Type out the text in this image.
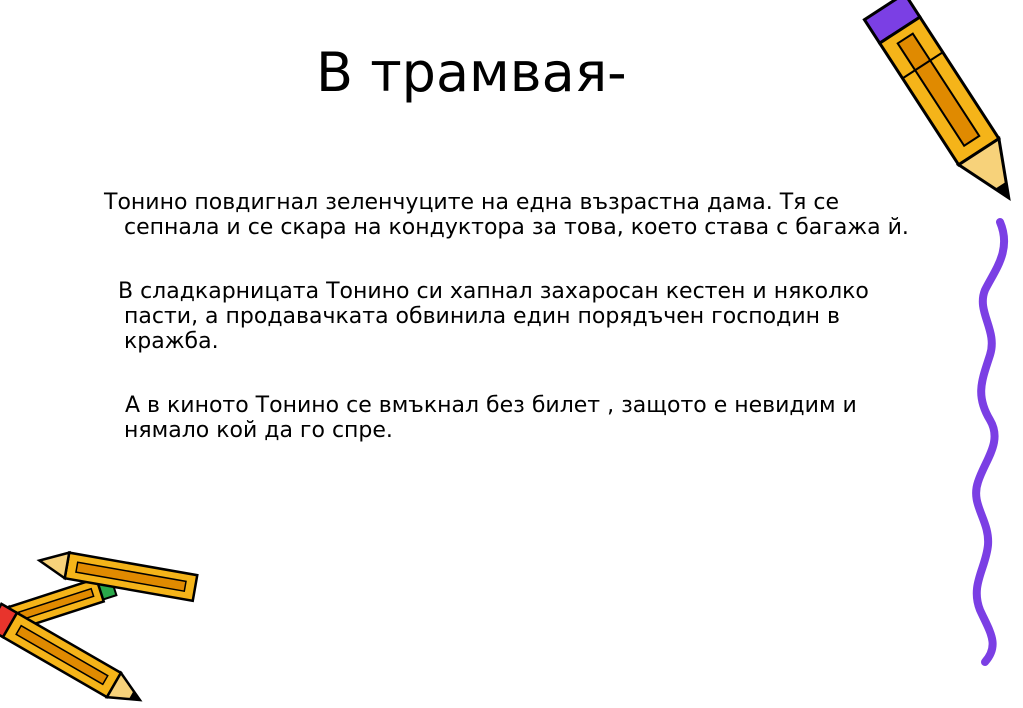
В трамвая-

Тонино повдигнал зеленчуците на една възрастна дама. Тя се сепнала и се скара на кондуктора за това, което става с багажа й.

В сладкарницата Тонино си хапнал захаросан кестен и няколко пасти, а продавачката обвинила един порядъчен господин в кражба.

А в киното Тонино се вмъкнал без билет , защото е невидим и нямало кой да го спре.
